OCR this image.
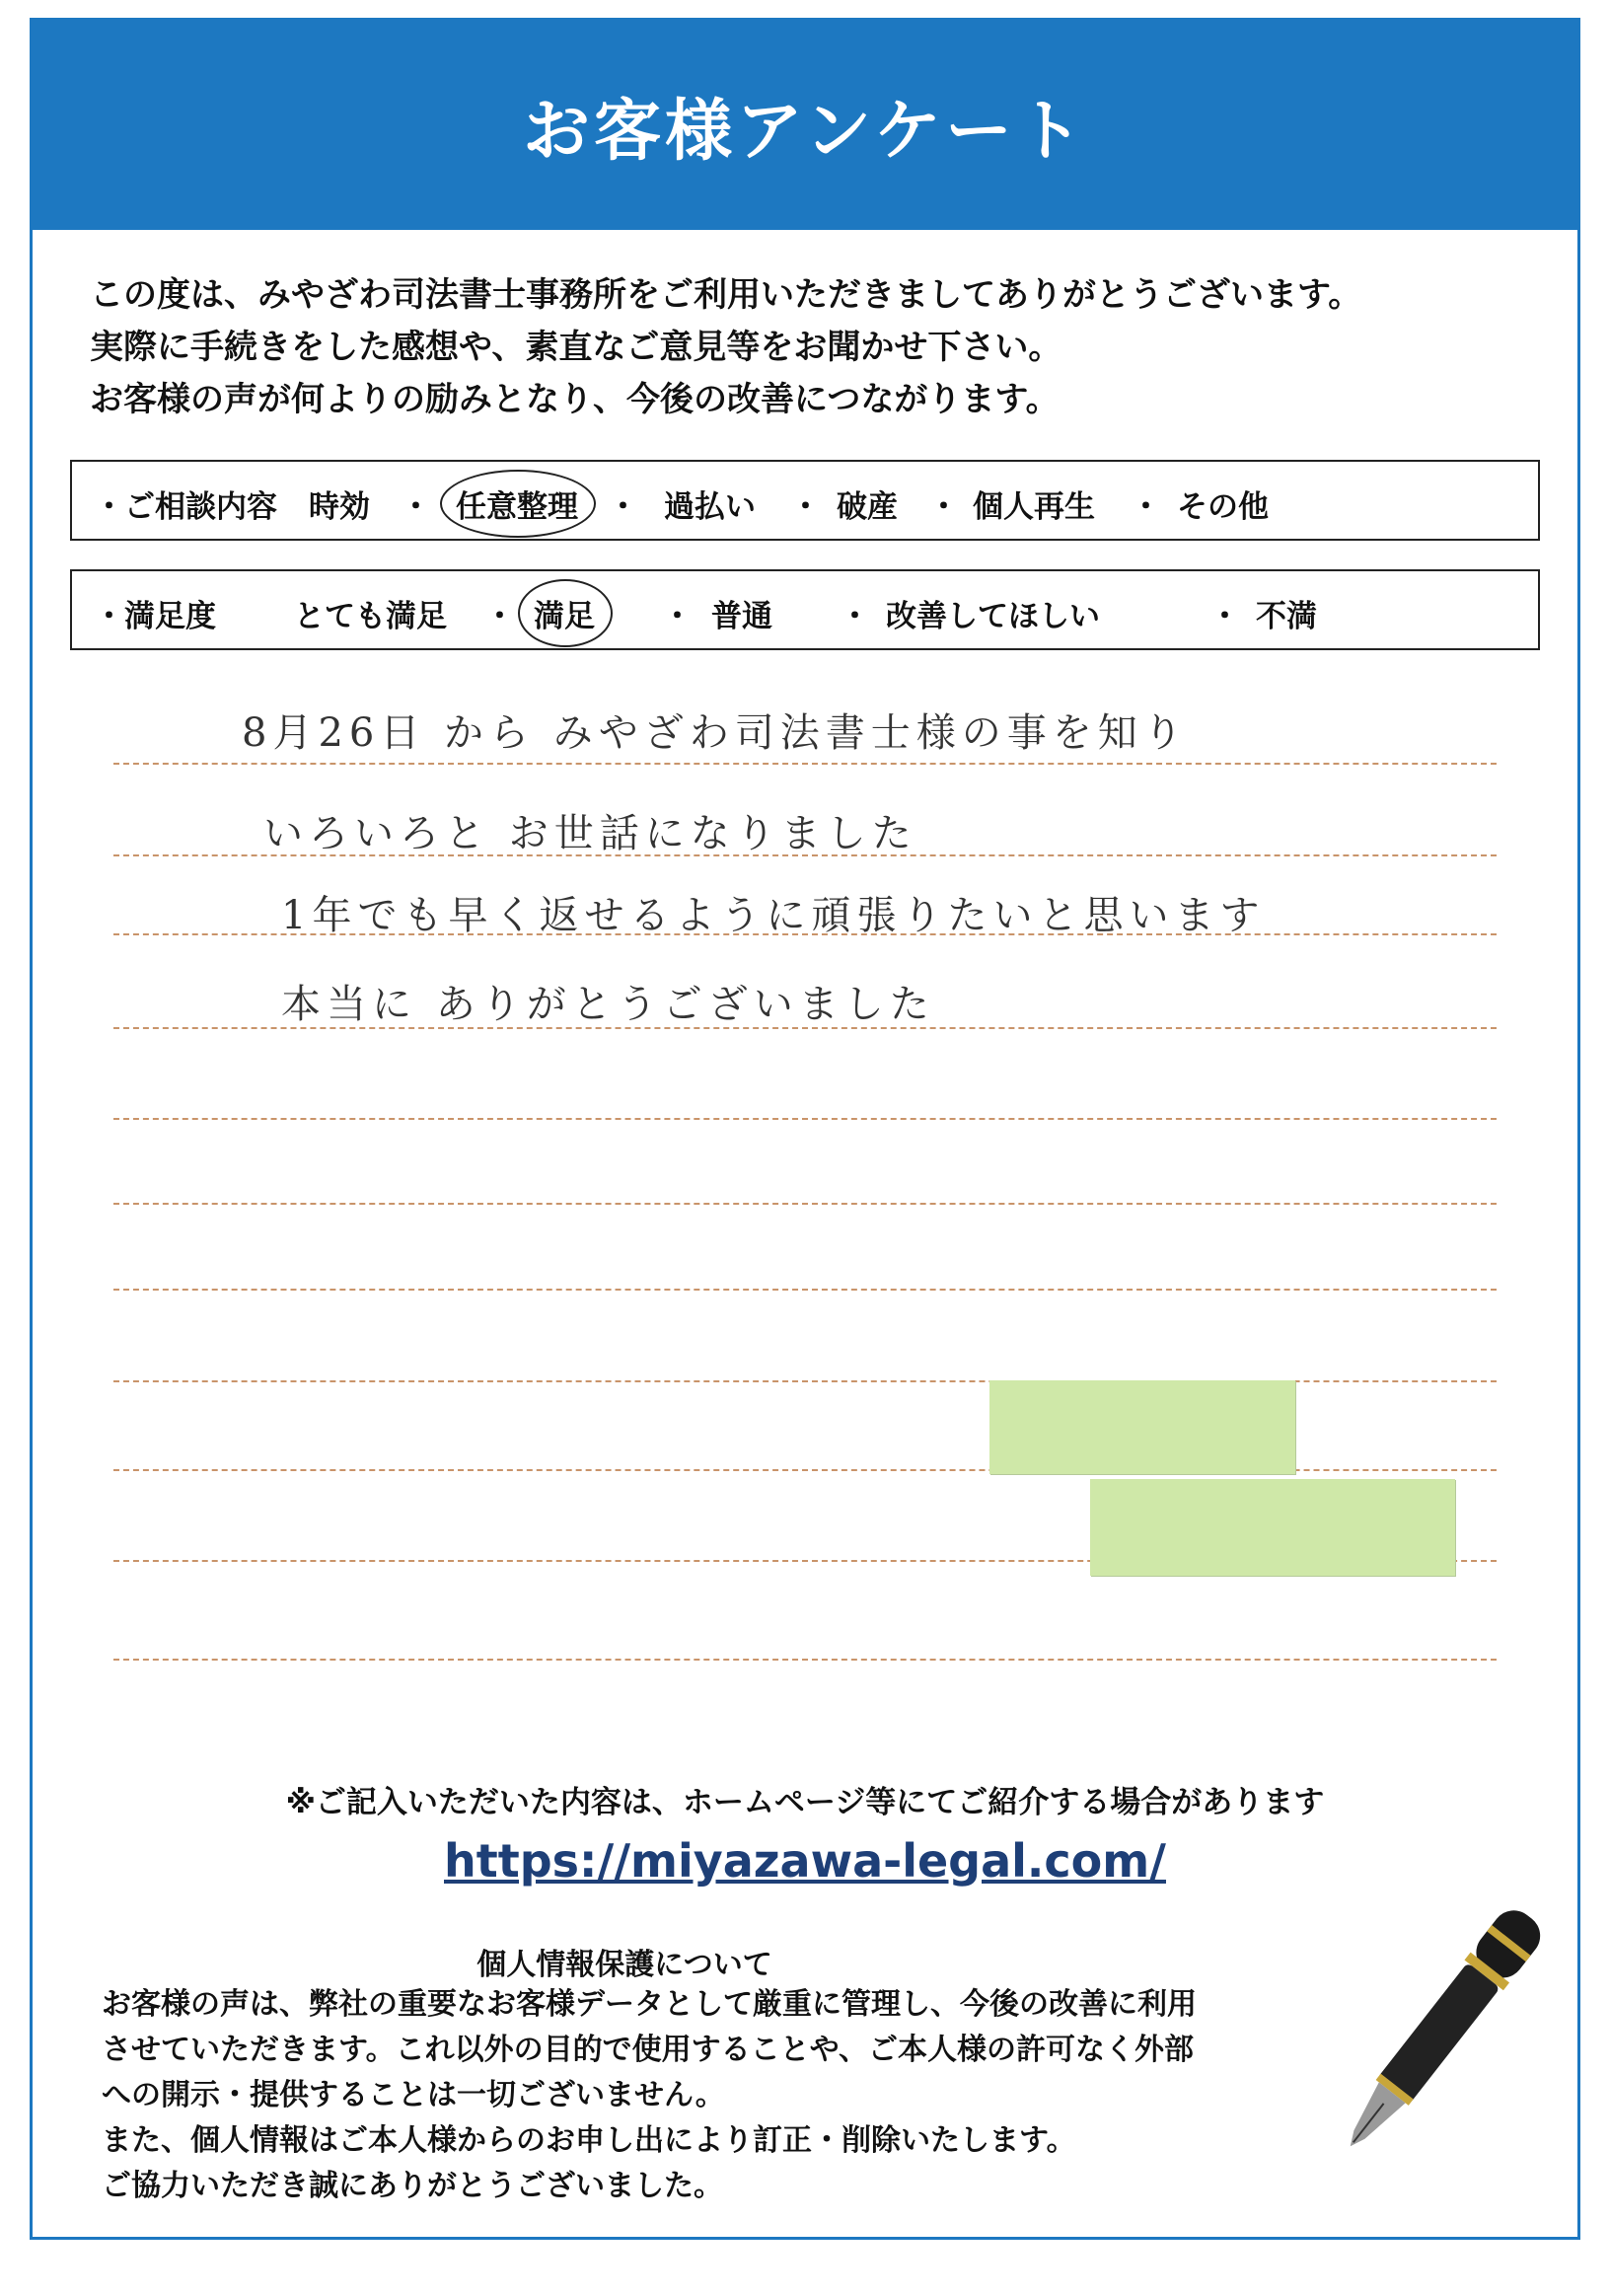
お客様アンケート
この度は、みやざわ司法書士事務所をご利用いただきましてありがとうございます。
実際に手続きをした感想や、素直なご意見等をお聞かせ下さい。
お客様の声が何よりの励みとなり、今後の改善につながります。
・ご相談内容 時効 ・ 任意整理 ・ 過払い ・ 破産 ・ 個人再生 ・ その他
・満足度	とても満足 ・ 満足 ・ 普通 ・ 改善してほしい	・ 不満
8月26日 から みやざわ司法書士様の事を知り
いろいろと お世話になりました
1年でも早く返せるように頑張りたいと思います
本当に ありがとうございました
※ご記入いただいた内容は、ホームページ等にてご紹介する場合があります
https://miyazawa-legal.com/
個人情報保護について
お客様の声は、弊社の重要なお客様データとして厳重に管理し、今後の改善に利用
させていただきます。これ以外の目的で使用することや、ご本人様の許可なく外部
への開示・提供することは一切ございません。
また、個人情報はご本人様からのお申し出により訂正・削除いたします。
ご協力いただき誠にありがとうございました。
